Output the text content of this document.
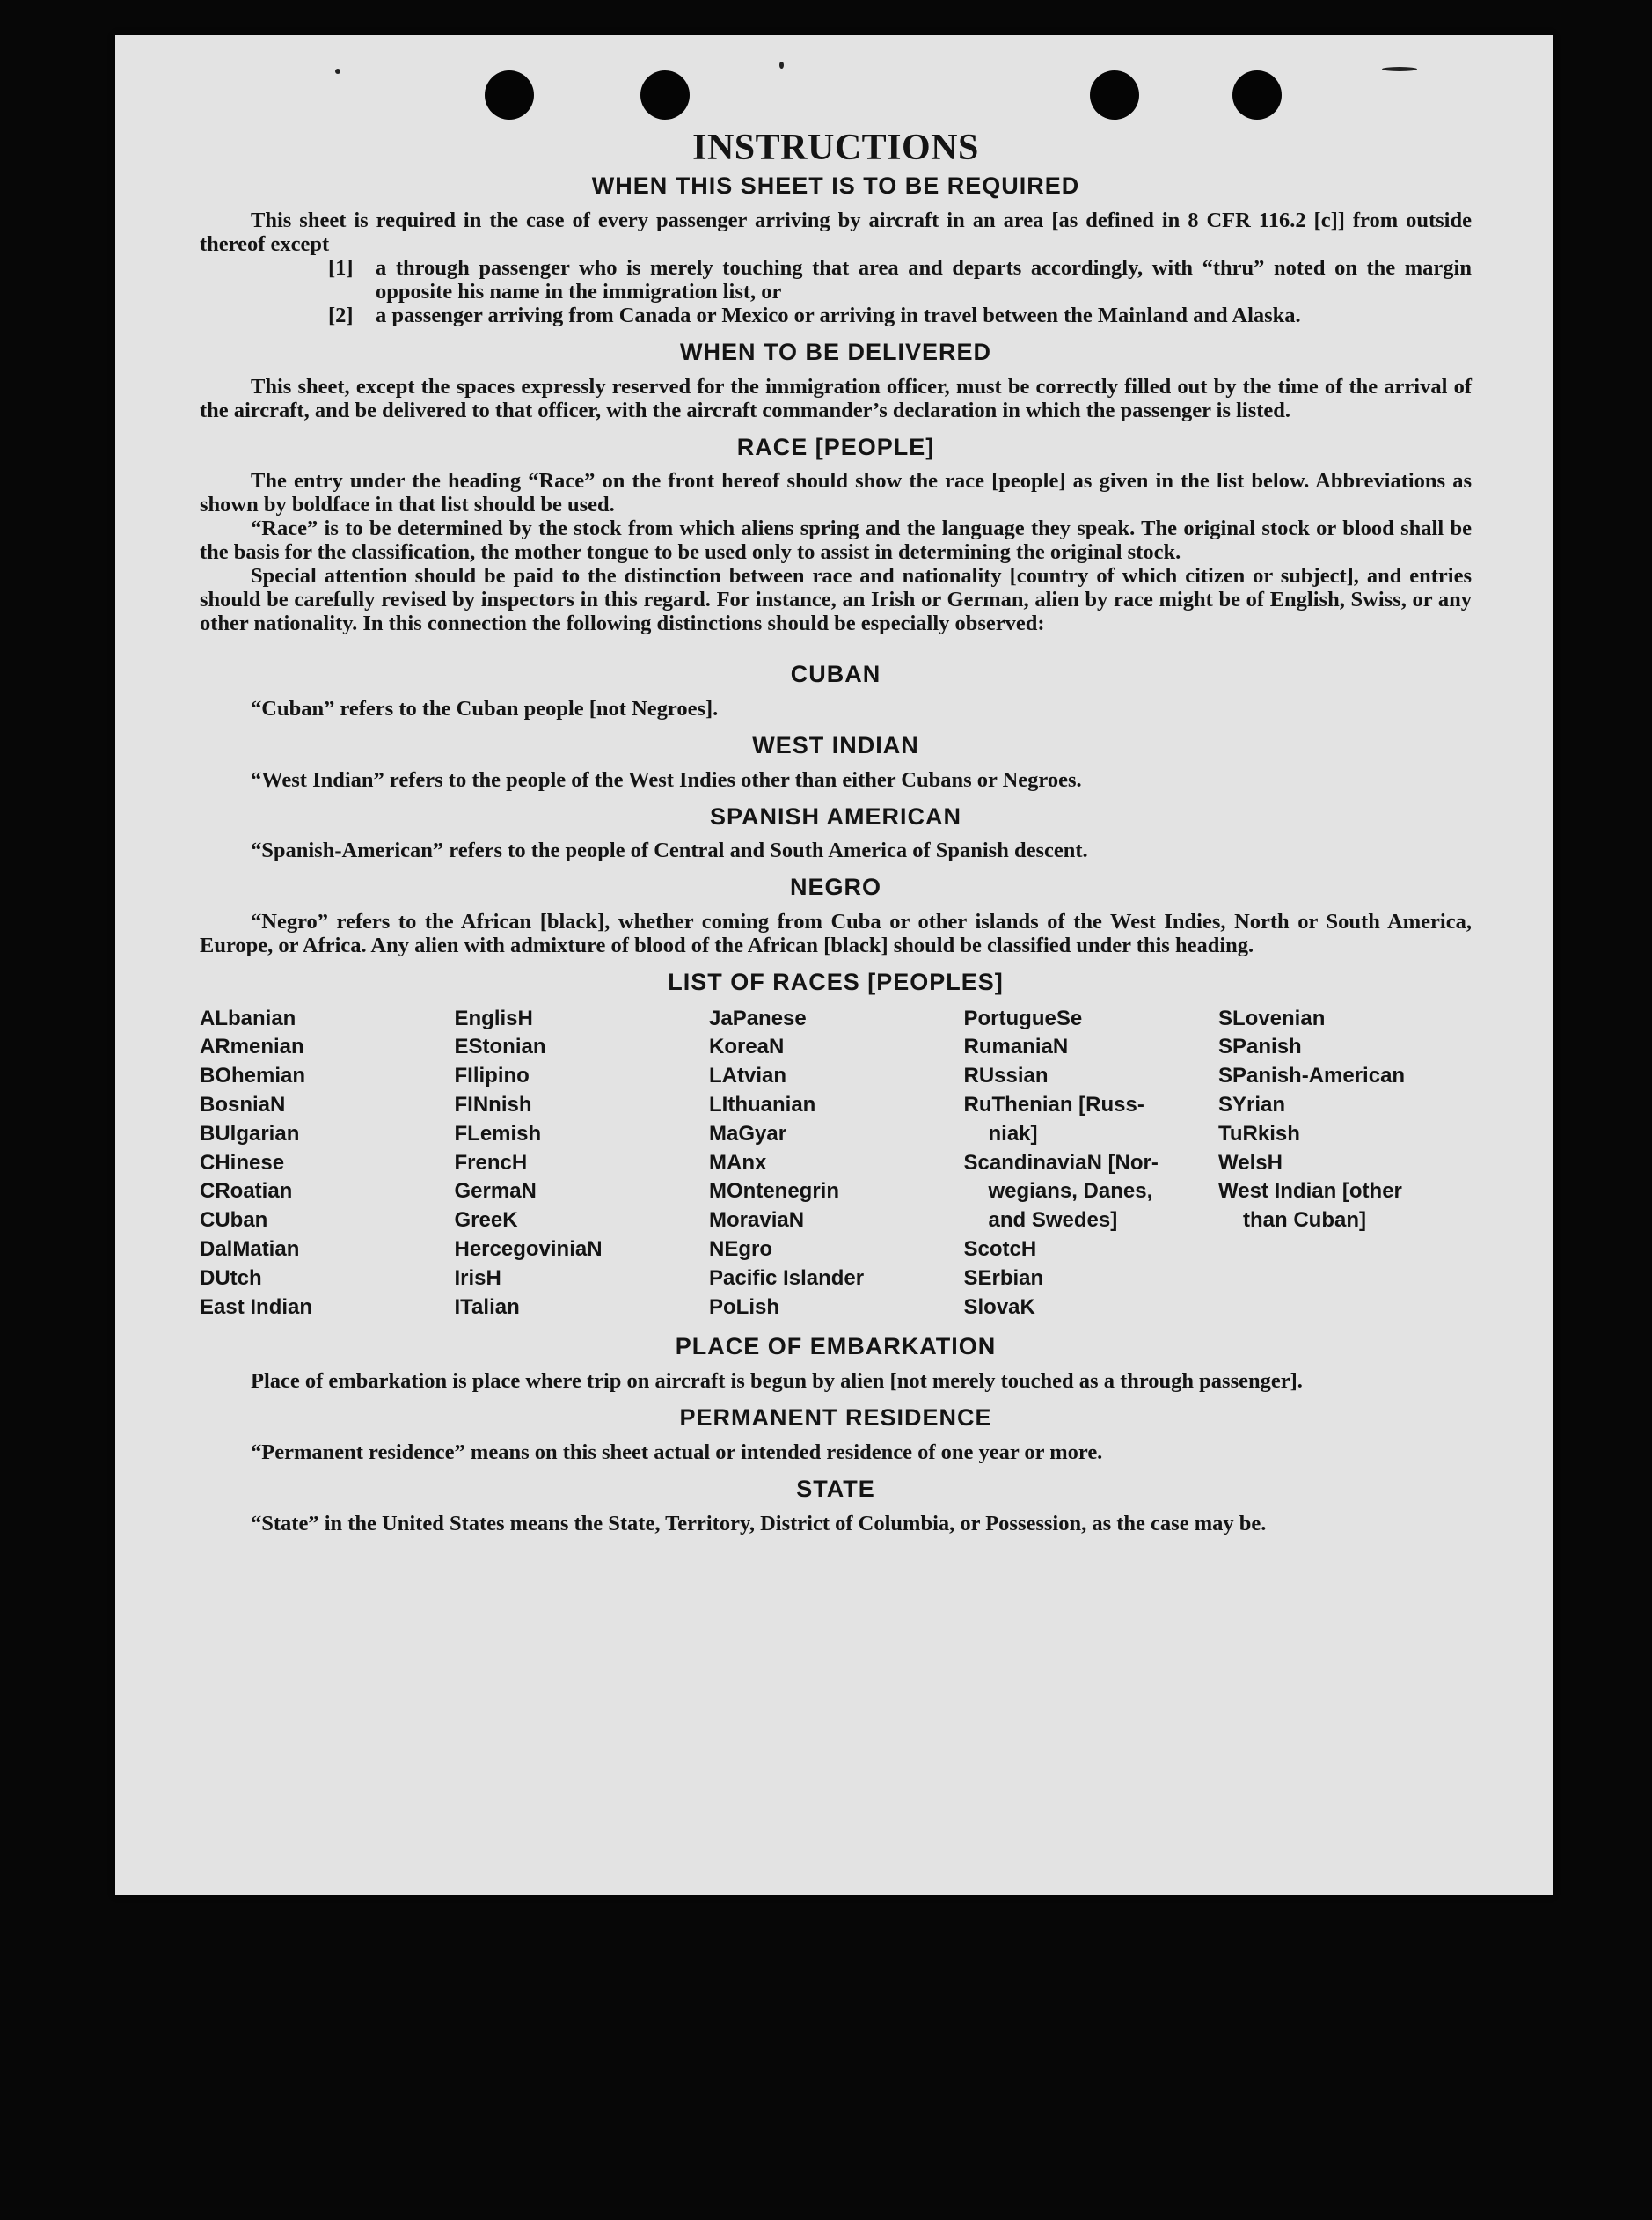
INSTRUCTIONS
WHEN THIS SHEET IS TO BE REQUIRED

This sheet is required in the case of every passenger arriving by aircraft in an area [as defined in 8 CFR 116.2 [c]] from outside thereof except

[1] a through passenger who is merely touching that area and departs accordingly, with “thru” noted on the margin opposite his name in the immigration list, or
[2] a passenger arriving from Canada or Mexico or arriving in travel between the Mainland and Alaska.
WHEN TO BE DELIVERED

This sheet, except the spaces expressly reserved for the immigration officer, must be correctly filled out by the time of the arrival of the aircraft, and be delivered to that officer, with the aircraft commander’s declaration in which the passenger is listed.

RACE [PEOPLE]

The entry under the heading “Race” on the front hereof should show the race [people] as given in the list below. Abbreviations as shown by boldface in that list should be used.

“Race” is to be determined by the stock from which aliens spring and the language they speak. The original stock or blood shall be the basis for the classification, the mother tongue to be used only to assist in determining the original stock.

Special attention should be paid to the distinction between race and nationality [country of which citizen or subject], and entries should be carefully revised by inspectors in this regard. For instance, an Irish or German, alien by race might be of English, Swiss, or any other nationality. In this connection the following distinctions should be especially observed:

CUBAN

“Cuban” refers to the Cuban people [not Negroes].

WEST INDIAN

“West Indian” refers to the people of the West Indies other than either Cubans or Negroes.

SPANISH AMERICAN

“Spanish-American” refers to the people of Central and South America of Spanish descent.

NEGRO

“Negro” refers to the African [black], whether coming from Cuba or other islands of the West Indies, North or South America, Europe, or Africa. Any alien with admixture of blood of the African [black] should be classified under this heading.

LIST OF RACES [PEOPLES]
ALbanian
ARmenian
BOhemian
BosniaN
BUlgarian
CHinese
CRoatian
CUban
DalMatian
DUtch
East Indian
EnglisH
EStonian
FIlipino
FINnish
FLemish
FrencH
GermaN
GreeK
HercegoviniaN
IrisH
ITalian
JaPanese
KoreaN
LAtvian
LIthuanian
MaGyar
MAnx
MOntenegrin
MoraviaN
NEgro
Pacific Islander
PoLish
PortugueSe
RumaniaN
RUssian
RuThenian [Russ-
niak]
ScandinaviaN [Nor-
wegians, Danes,
and Swedes]
ScotcH
SErbian
SlovaK
SLovenian
SPanish
SPanish-American
SYrian
TuRkish
WelsH
West Indian [other
than Cuban]
PLACE OF EMBARKATION

Place of embarkation is place where trip on aircraft is begun by alien [not merely touched as a through passenger].

PERMANENT RESIDENCE

“Permanent residence” means on this sheet actual or intended residence of one year or more.

STATE

“State” in the United States means the State, Territory, District of Columbia, or Possession, as the case may be.
